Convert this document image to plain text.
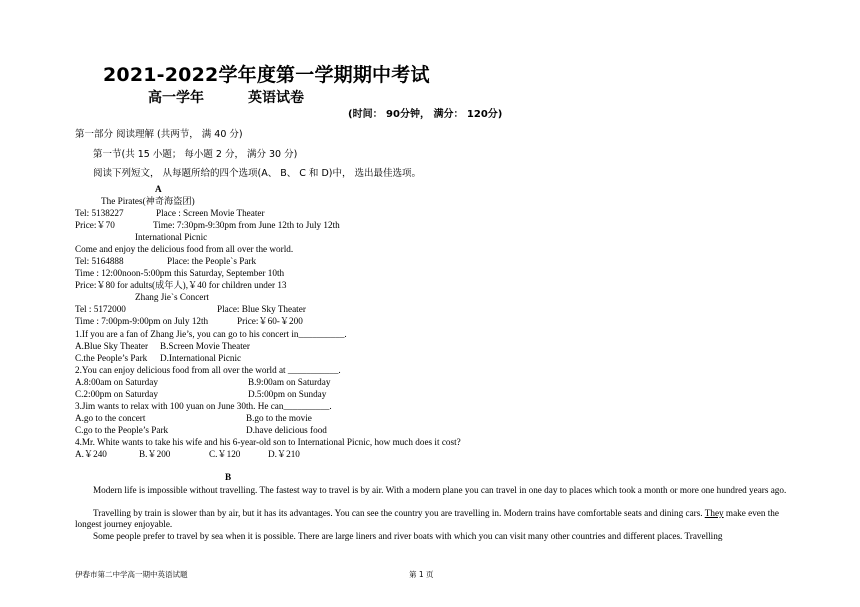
2021-2022学年度第一学期期中考试
高一学年	英语试卷
(时间： 90分钟， 满分： 120分)
第一部分 阅读理解 (共两节， 满 40 分)
第一节(共 15 小题； 每小题 2 分， 满分 30 分)
阅读下列短文， 从每题所给的四个选项(A、 B、 C 和 D)中， 选出最佳选项。
A
The Pirates(神奇海盗团)
Tel: 5138227	Place : Screen Movie Theater
Price:￥70	Time: 7:30pm-9:30pm from June 12th to July 12th
International Picnic
Come and enjoy the delicious food from all over the world.
Tel: 5164888	Place: the People`s Park
Time : 12:00noon-5:00pm this Saturday, September 10th
Price:￥80 for adults(成年人),￥40 for children under 13
Zhang Jie`s Concert
Tel : 5172000	Place: Blue Sky Theater
Time : 7:00pm-9:00pm on July 12th	Price:￥60-￥200
1.If you are a fan of Zhang Jie’s, you can go to his concert in__________.
A.Blue Sky Theater B.Screen Movie Theater
C.the People’s Park D.International Picnic
2.You can enjoy delicious food from all over the world at ___________.
A.8:00am on Saturday	B.9:00am on Saturday
C.2:00pm on Saturday	D.5:00pm on Sunday
3.Jim wants to relax with 100 yuan on June 30th. He can__________.
A.go to the concert	B.go to the movie
C.go to the People’s Park	D.have delicious food
4.Mr. White wants to take his wife and his 6-year-old son to International Picnic, how much does it cost?
A.￥240	B.￥200	C.￥120	D.￥210
B
Modern life is impossible without travelling. The fastest way to travel is by air. With a modern plane you can travel in one day to places which took a month or more one hundred years ago.
Travelling by train is slower than by air, but it has its advantages. You can see the country you are travelling in. Modern trains have comfortable seats and dining cars. They make even the longest journey enjoyable.
Some people prefer to travel by sea when it is possible. There are large liners and river boats with which you can visit many other countries and different places. Travelling
伊春市第二中学高一期中英语试题	第 1 页
